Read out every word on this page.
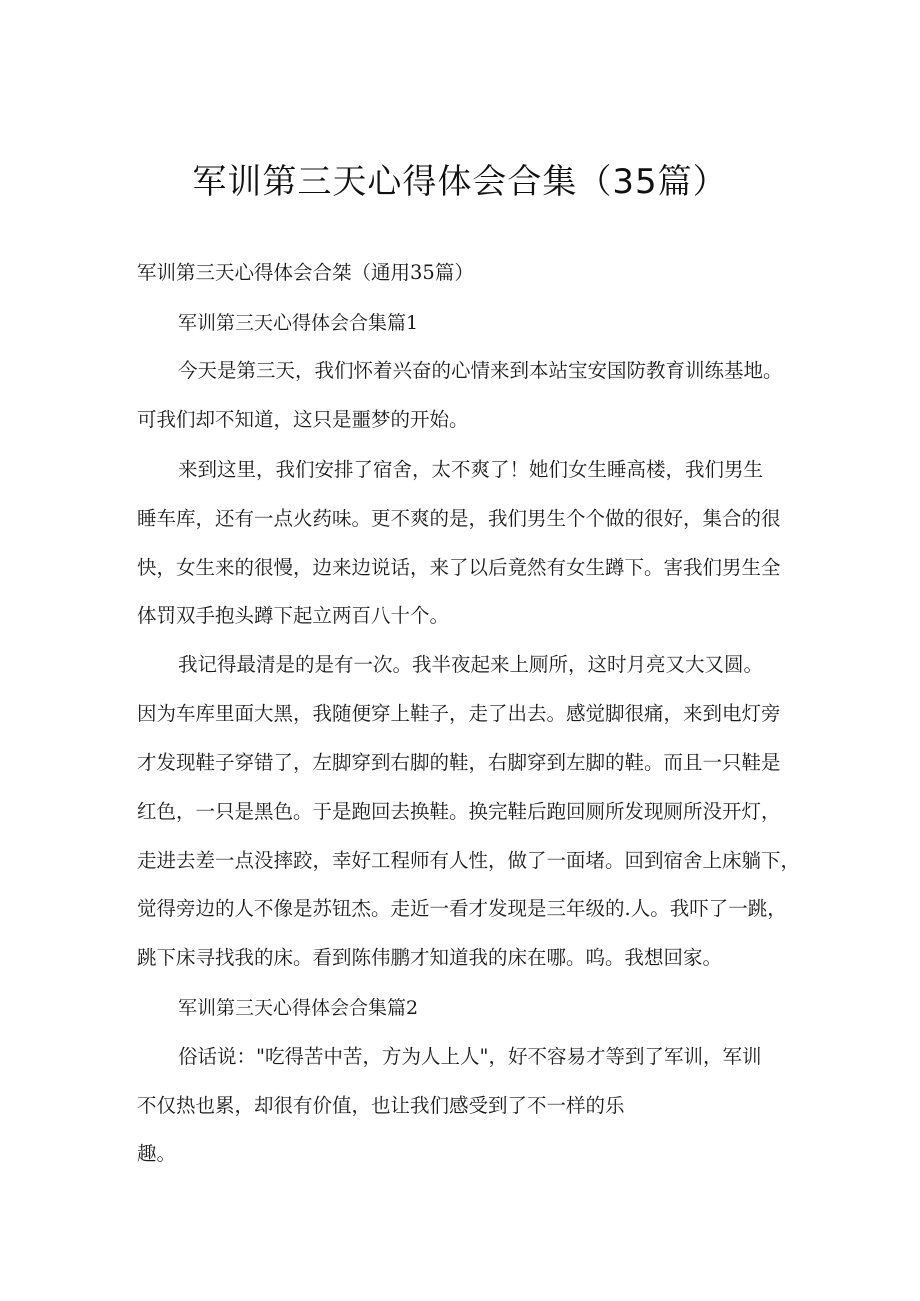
军训第三天心得体会合集（35篇）

军训第三天心得体会合桀（通用35篇）

军训第三天心得体会合集篇1

今天是第三天，我们怀着兴奋的心情来到本站宝安国防教育训练基地。

可我们却不知道，这只是噩梦的开始。

来到这里，我们安排了宿舍，太不爽了！她们女生睡高楼，我们男生

睡车库，还有一点火药味。更不爽的是，我们男生个个做的很好，集合的很

快，女生来的很慢，边来边说话，来了以后竟然有女生蹲下。害我们男生全

体罚双手抱头蹲下起立两百八十个。

我记得最清是的是有一次。我半夜起来上厕所，这时月亮又大又圆。

因为车库里面大黑，我随便穿上鞋子，走了出去。感觉脚很痛，来到电灯旁

才发现鞋子穿错了，左脚穿到右脚的鞋，右脚穿到左脚的鞋。而且一只鞋是

红色，一只是黑色。于是跑回去换鞋。换完鞋后跑回厕所发现厕所没开灯，

走进去差一点没摔跤，幸好工程师有人性，做了一面堵。回到宿舍上床躺下，

觉得旁边的人不像是苏钮杰。走近一看才发现是三年级的.人。我吓了一跳，

跳下床寻找我的床。看到陈伟鹏才知道我的床在哪。呜。我想回家。

军训第三天心得体会合集篇2

俗话说："吃得苦中苦，方为人上人"，好不容易才等到了军训，军训

不仅热也累，却很有价值，也让我们感受到了不一样的乐

趣。
